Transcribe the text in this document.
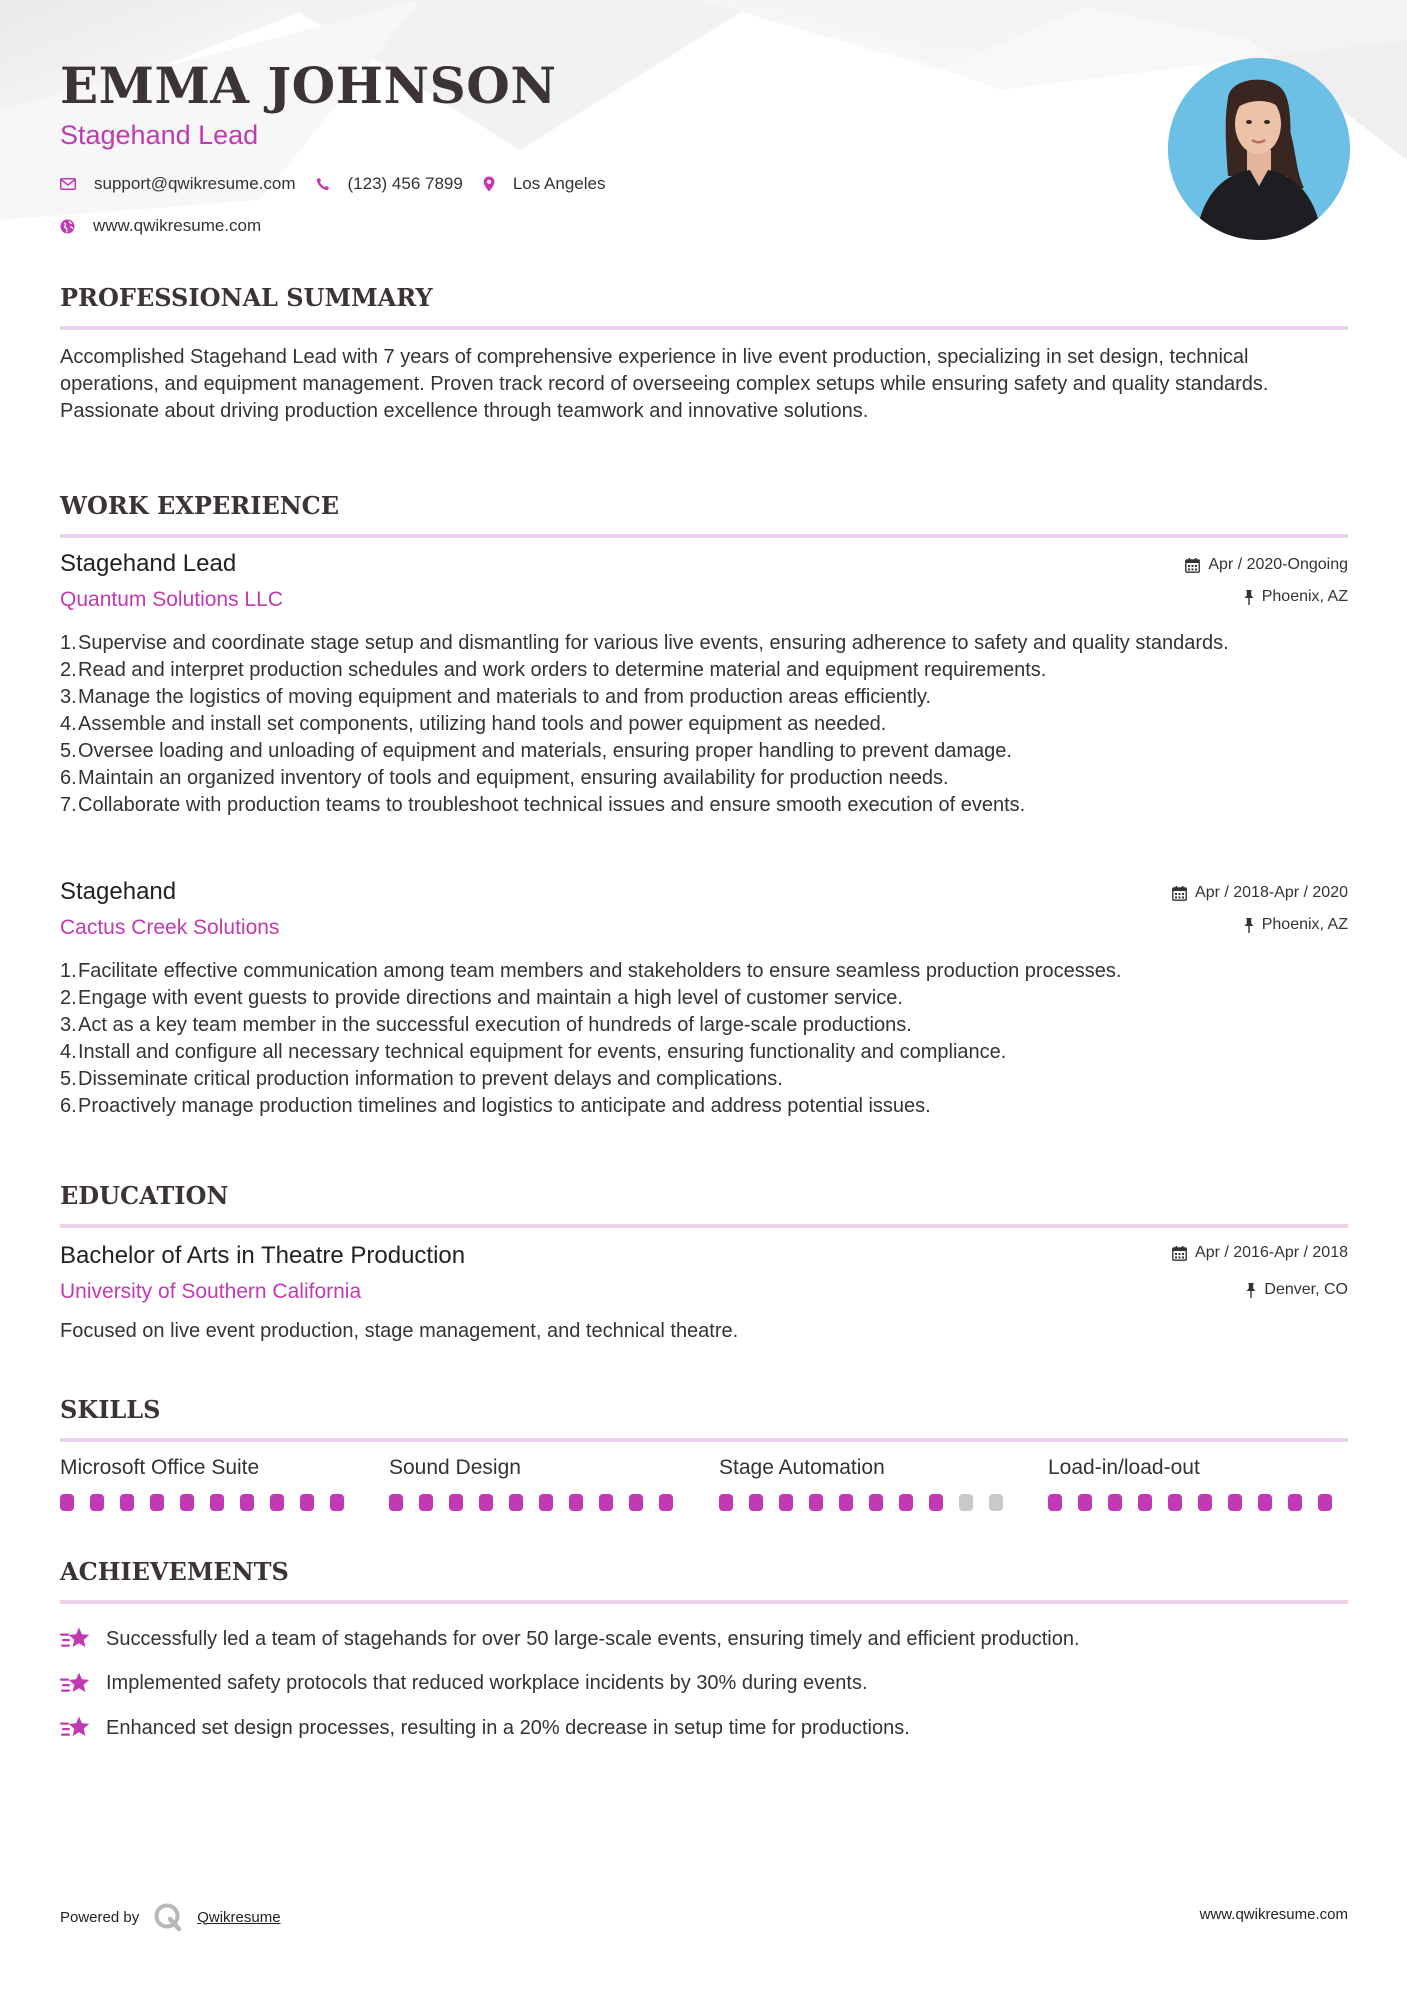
EMMA JOHNSON
Stagehand Lead
support@qwikresume.com	(123) 456 7899	Los Angeles
www.qwikresume.com
PROFESSIONAL SUMMARY
Accomplished Stagehand Lead with 7 years of comprehensive experience in live event production, specializing in set design, technical operations, and equipment management. Proven track record of overseeing complex setups while ensuring safety and quality standards. Passionate about driving production excellence through teamwork and innovative solutions.
WORK EXPERIENCE
Stagehand Lead
Quantum Solutions LLC
Apr / 2020-Ongoing
Phoenix, AZ
1. Supervise and coordinate stage setup and dismantling for various live events, ensuring adherence to safety and quality standards.
2. Read and interpret production schedules and work orders to determine material and equipment requirements.
3. Manage the logistics of moving equipment and materials to and from production areas efficiently.
4. Assemble and install set components, utilizing hand tools and power equipment as needed.
5. Oversee loading and unloading of equipment and materials, ensuring proper handling to prevent damage.
6. Maintain an organized inventory of tools and equipment, ensuring availability for production needs.
7. Collaborate with production teams to troubleshoot technical issues and ensure smooth execution of events.
Stagehand
Cactus Creek Solutions
Apr / 2018-Apr / 2020
Phoenix, AZ
1. Facilitate effective communication among team members and stakeholders to ensure seamless production processes.
2. Engage with event guests to provide directions and maintain a high level of customer service.
3. Act as a key team member in the successful execution of hundreds of large-scale productions.
4. Install and configure all necessary technical equipment for events, ensuring functionality and compliance.
5. Disseminate critical production information to prevent delays and complications.
6. Proactively manage production timelines and logistics to anticipate and address potential issues.
EDUCATION
Bachelor of Arts in Theatre Production
University of Southern California
Apr / 2016-Apr / 2018
Denver, CO
Focused on live event production, stage management, and technical theatre.
SKILLS
Microsoft Office Suite	Sound Design	Stage Automation	Load-in/load-out
ACHIEVEMENTS
Successfully led a team of stagehands for over 50 large-scale events, ensuring timely and efficient production.
Implemented safety protocols that reduced workplace incidents by 30% during events.
Enhanced set design processes, resulting in a 20% decrease in setup time for productions.
Powered by	Qwikresume	www.qwikresume.com
